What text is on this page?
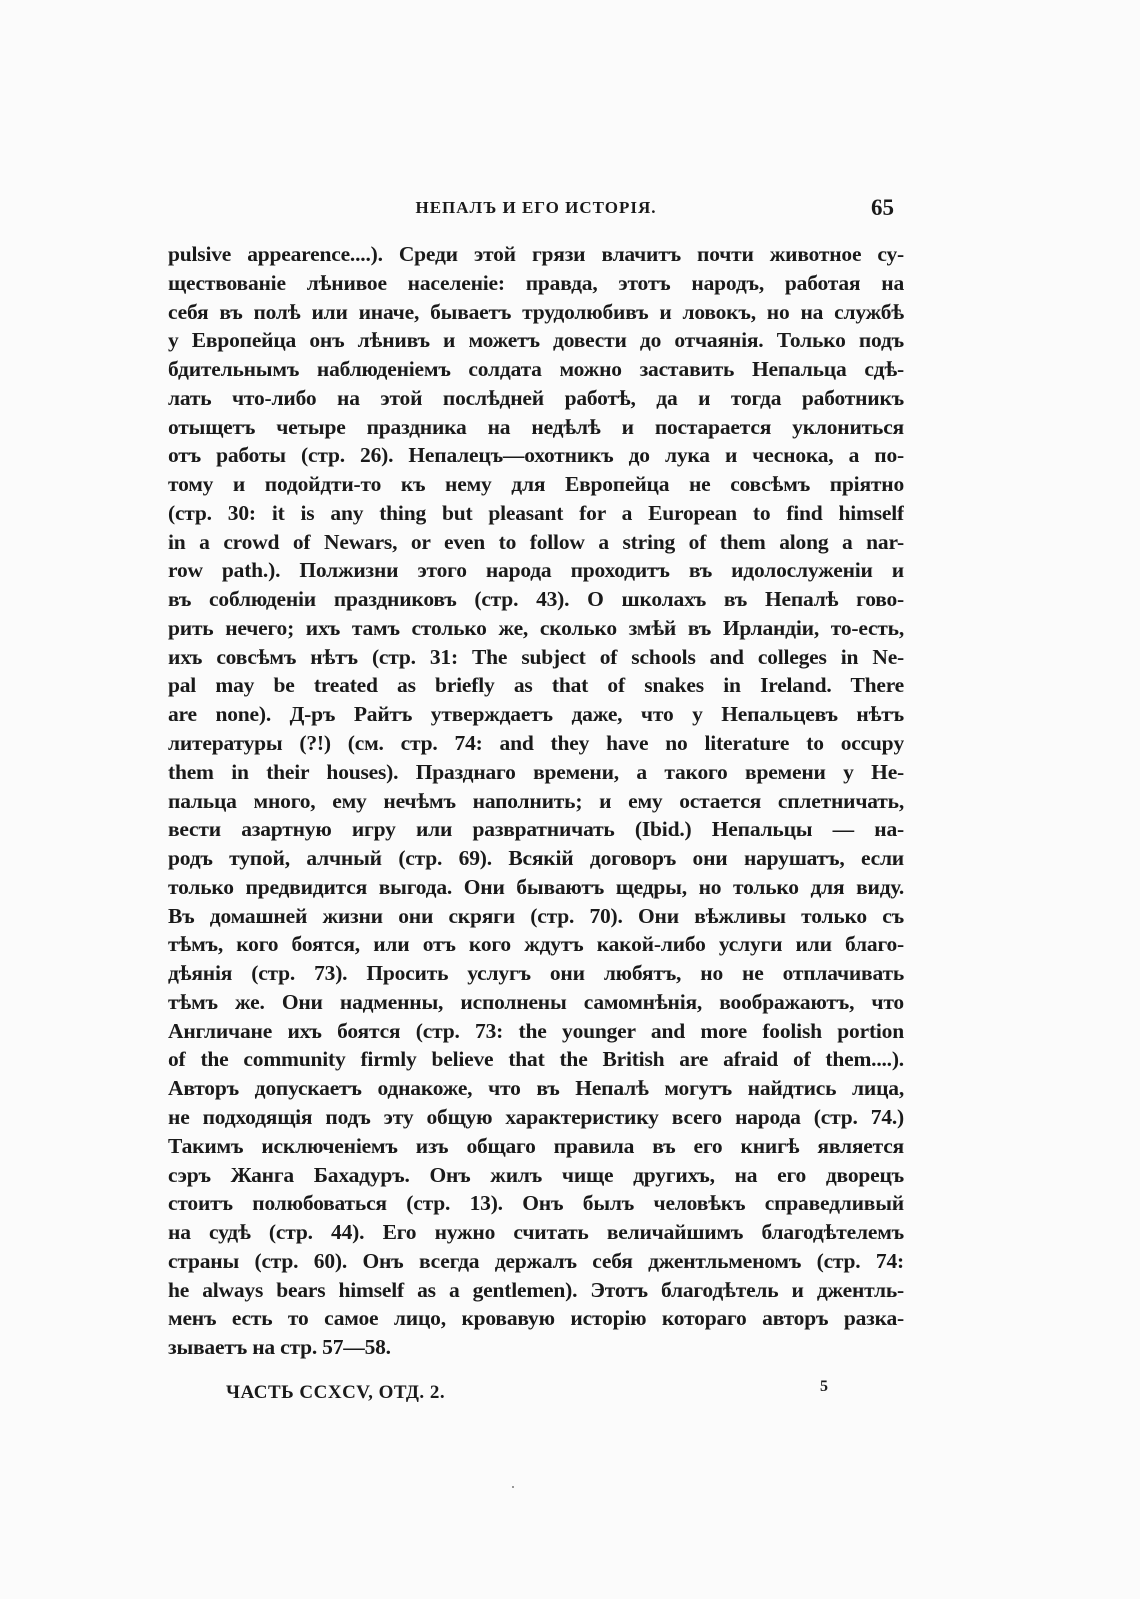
НЕПАЛЪ И ЕГО ИСТОРІЯ.	65
pulsive appearence....). Среди этой грязи влачитъ почти животное су-
ществованіе лѣнивое населеніе: правда, этотъ народъ, работая на
себя въ полѣ или иначе, бываетъ трудолюбивъ и ловокъ, но на службѣ
у Европейца онъ лѣнивъ и можетъ довести до отчаянія. Только подъ
бдительнымъ наблюденіемъ солдата можно заставить Непальца сдѣ-
лать что-либо на этой послѣдней работѣ, да и тогда работникъ
отыщетъ четыре праздника на недѣлѣ и постарается уклониться
отъ работы (стр. 26). Непалецъ—охотникъ до лука и чеснока, а по-
тому и подойдти-то къ нему для Европейца не совсѣмъ пріятно
(стр. 30: it is any thing but pleasant for a European to find himself
in a crowd of Newars, or even to follow a string of them along a nar-
row path.). Полжизни этого народа проходитъ въ идолослуженіи и
въ соблюденіи праздниковъ (стр. 43). О школахъ въ Непалѣ гово-
рить нечего; ихъ тамъ столько же, сколько змѣй въ Ирландіи, то-есть,
ихъ совсѣмъ нѣтъ (стр. 31: The subject of schools and colleges in Ne-
pal may be treated as briefly as that of snakes in Ireland. There
are none). Д-ръ Райтъ утверждаетъ даже, что у Непальцевъ нѣтъ
литературы (?!) (см. стр. 74: and they have no literature to occupy
them in their houses). Празднаго времени, а такого времени у Не-
пальца много, ему нечѣмъ наполнить; и ему остается сплетничать,
вести азартную игру или развратничать (Ibid.) Непальцы — на-
родъ тупой, алчный (стр. 69). Всякій договоръ они нарушатъ, если
только предвидится выгода. Они бываютъ щедры, но только для виду.
Въ домашней жизни они скряги (стр. 70). Они вѣжливы только съ
тѣмъ, кого боятся, или отъ кого ждутъ какой-либо услуги или благо-
дѣянія (стр. 73). Просить услугъ они любятъ, но не отплачивать
тѣмъ же. Они надменны, исполнены самомнѣнія, воображаютъ, что
Англичане ихъ боятся (стр. 73: the younger and more foolish portion
of the community firmly believe that the British are afraid of them....).
Авторъ допускаетъ однакоже, что въ Непалѣ могутъ найдтись лица,
не подходящія подъ эту общую характеристику всего народа (стр. 74.)
Такимъ исключеніемъ изъ общаго правила въ его книгѣ является
сэръ Жанга Бахадуръ. Онъ жилъ чище другихъ, на его дворецъ
стоитъ полюбоваться (стр. 13). Онъ былъ человѣкъ справедливый
на судѣ (стр. 44). Его нужно считать величайшимъ благодѣтелемъ
страны (стр. 60). Онъ всегда держалъ себя джентльменомъ (стр. 74:
he always bears himself as a gentlemen). Этотъ благодѣтель и джентль-
менъ есть то самое лицо, кровавую исторію котораго авторъ разка-
зываетъ на стр. 57—58.
ЧАСТЬ CCXCV, ОТД. 2.	5
